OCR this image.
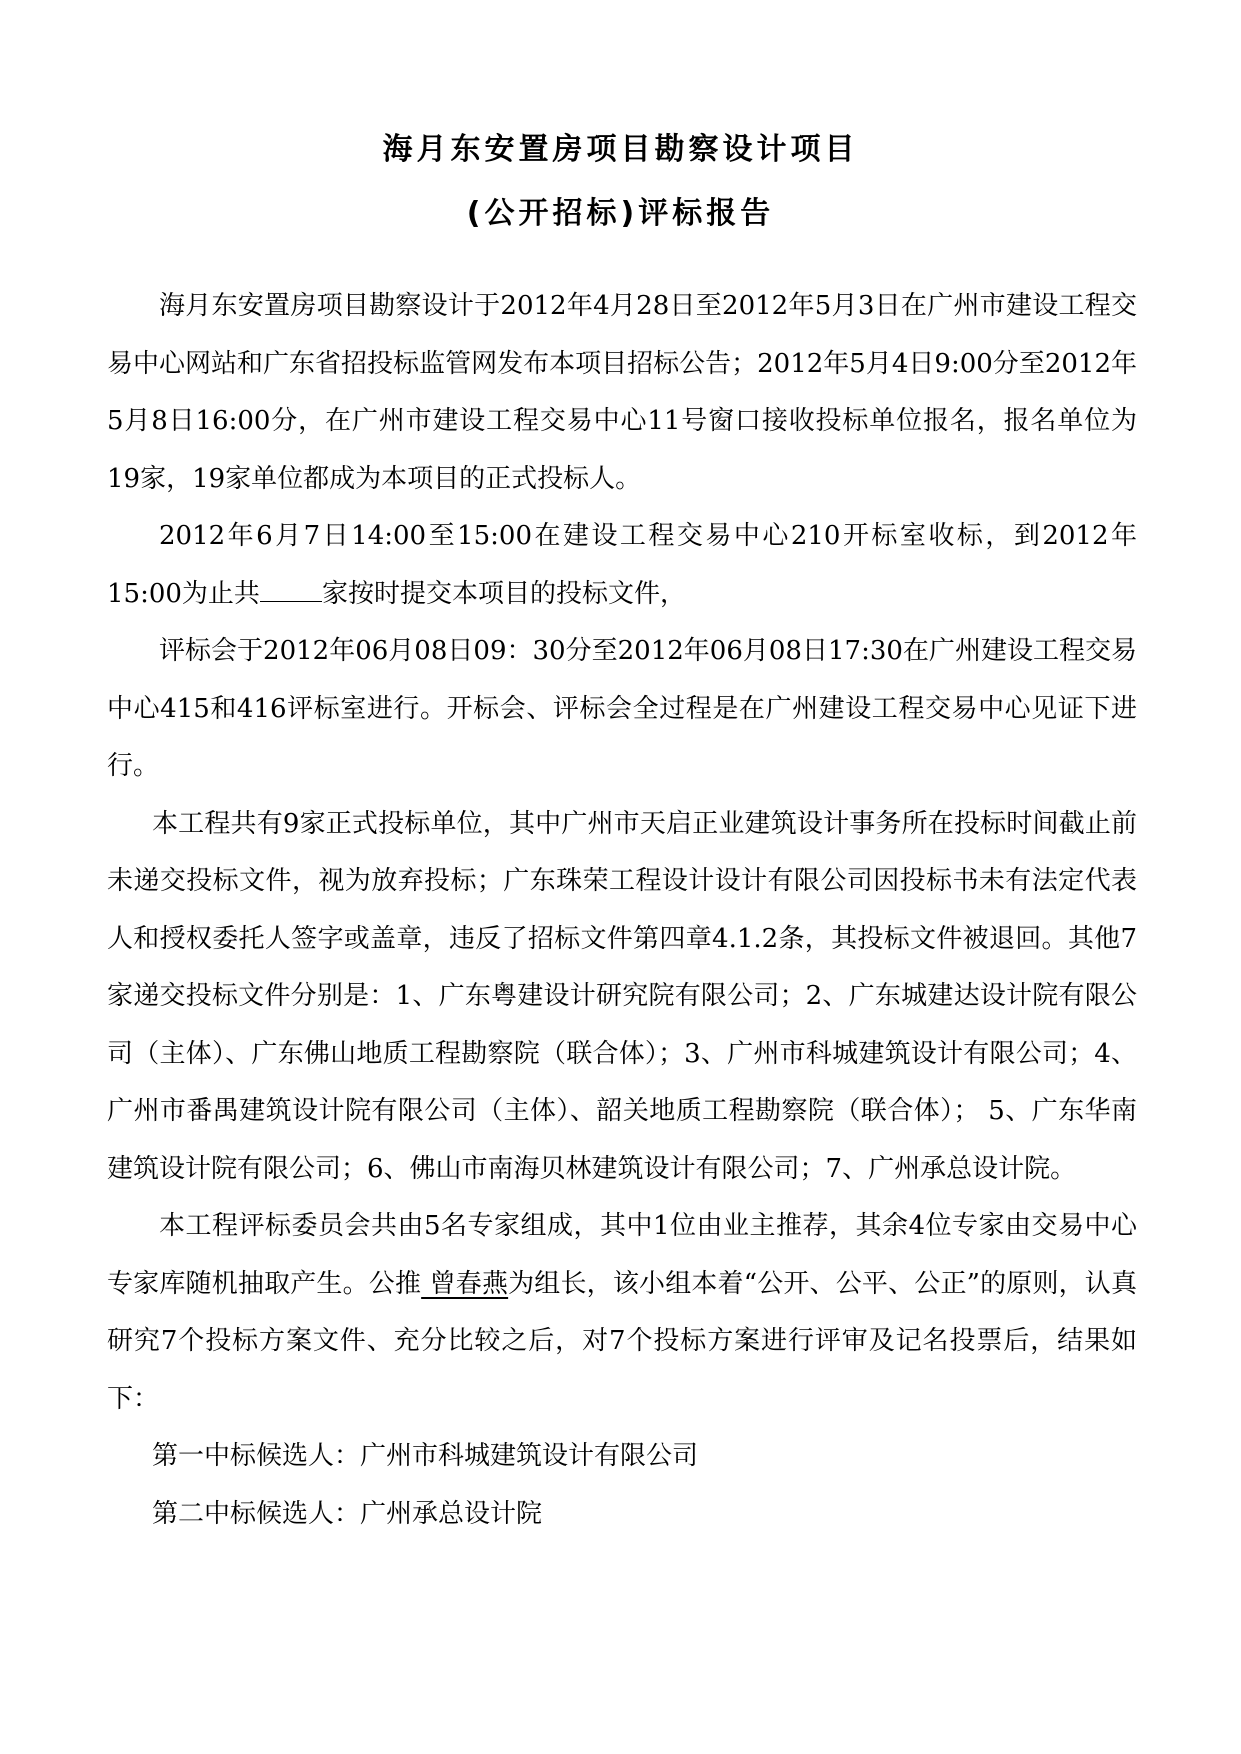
海月东安置房项目勘察设计项目
(公开招标)评标报告

海月东安置房项目勘察设计于2012年4月28日至2012年5月3日在广州市建设工程交易中心网站和广东省招投标监管网发布本项目招标公告；2012年5月4日9:00分至2012年5月8日16:00分，在广州市建设工程交易中心11号窗口接收投标单位报名，报名单位为19家，19家单位都成为本项目的正式投标人。

2012年6月7日14:00至15:00在建设工程交易中心210开标室收标，到2012年15:00为止共 家按时提交本项目的投标文件，

评标会于2012年06月08日09：30分至2012年06月08日17:30在广州建设工程交易中心415和416评标室进行。开标会、评标会全过程是在广州建设工程交易中心见证下进行。

本工程共有9家正式投标单位，其中广州市天启正业建筑设计事务所在投标时间截止前未递交投标文件，视为放弃投标；广东珠荣工程设计设计有限公司因投标书未有法定代表人和授权委托人签字或盖章，违反了招标文件第四章4.1.2条，其投标文件被退回。其他7家递交投标文件分别是：1、广东粤建设计研究院有限公司；2、广东城建达设计院有限公司（主体）、广东佛山地质工程勘察院（联合体）；3、广州市科城建筑设计有限公司；4、广州市番禺建筑设计院有限公司（主体）、韶关地质工程勘察院（联合体）； 5、广东华南建筑设计院有限公司；6、佛山市南海贝林建筑设计有限公司；7、广州承总设计院。

本工程评标委员会共由5名专家组成，其中1位由业主推荐，其余4位专家由交易中心专家库随机抽取产生。公推 曾春燕为组长，该小组本着“公开、公平、公正”的原则，认真研究7个投标方案文件、充分比较之后，对7个投标方案进行评审及记名投票后，结果如下：

第一中标候选人：广州市科城建筑设计有限公司

第二中标候选人：广州承总设计院
